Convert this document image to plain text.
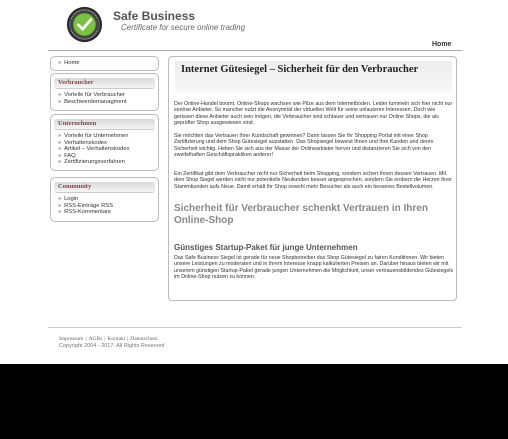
Safe Business
Certificate for secure online trading
Home
» Home
Verbraucher
» Vorteile für Verbraucher
» Beschwerdemanagment
Unternehmen
» Vorteile für Unternehmen
» Verhaltenskodex
» Artikel – Verhaltenskodex
» FAQ
» Zertifizierungsverfahren
Community
» Login
» RSS-Einträge RSS
» RSS-Kommentare
Internet Gütesiegel – Sicherheit für den Verbraucher

Der Online-Handel boomt. Online-Shops wachsen wie Pilze aus dem Internetboden. Leider tummeln sich hier nicht nur seriöse Anbieter. So mancher nutzt die Anonymität der virtuellen Welt für seine unlauteren Interessen. Doch wie gerissen diese Anbieter auch sein mögen, die Verbraucher sind schlauer und vertrauen nur Online Shops, die als geprüfter Shop ausgewiesen sind.

Sie möchten das Vertrauen Ihrer Kundschaft gewinnen? Dann lassen Sie Ihr Shopping Portal mit einer Shop Zertifizierung und dem Shop Gütesiegel ausstatten. Das Shopsiegel beweist Ihnen und Ihre Kunden und deren Sicherheit wichtig. Heben Sie sich aus der Masse der Onlinearbieter hervor und distanzieren Sie sich von den zweifelhaften Geschäftspraktiken anderer!

Ein Zertifikat gibt dem Verbraucher nicht nur Sicherheit beim Shopping, sondern sichert Ihnen dessen Vertrauen. Mit dem Shop Siegel werden nicht nur potentielle Neukunden besser angesprochen, sondern Sie erobern die Herzen Ihrer Stammkunden aufs Neue. Damit erhält Ihr Shop sowohl mehr Besucher als auch ein besseres Bestellvolumen.

Sicherheit für Verbraucher schenkt Vertrauen in Ihren Online-Shop
Günstiges Startup-Paket für junge Unternehmen

Das Safe Business Siegel ist gerade für neue Shopbetreiber das Shop Gütesiegel zu fairen Konditionen. Wir bieten unsere Leistungen zu moderaten und in Ihrem Interesse knapp kalkulierten Preisen an. Darüber hinaus bieten wir mit unserem günstigen Startup-Paket gerade jungen Unternehmen die Möglichkeit, unser vertrauensbildendes Gütesiegels im Online-Shop nutzen zu können.

Impressum | AGBs | Kontakt | Datenschutz
Copyright 2004 - 2017. All Rights Reserved
